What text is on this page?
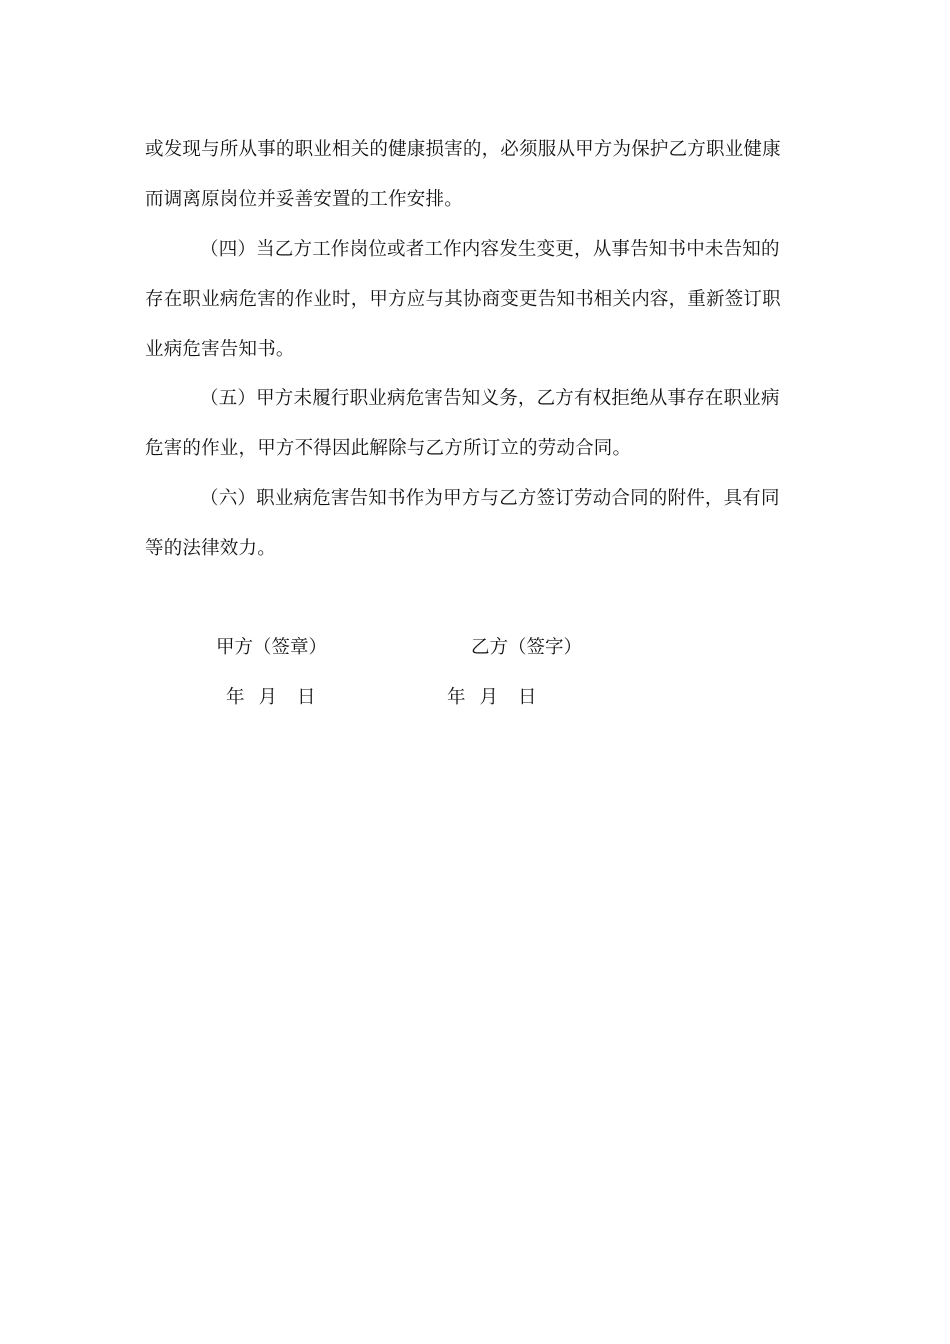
或发现与所从事的职业相关的健康损害的，必须服从甲方为保护乙方职业健康
而调离原岗位并妥善安置的工作安排。
（四）当乙方工作岗位或者工作内容发生变更，从事告知书中未告知的
存在职业病危害的作业时，甲方应与其协商变更告知书相关内容，重新签订职
业病危害告知书。
（五）甲方未履行职业病危害告知义务，乙方有权拒绝从事存在职业病
危害的作业，甲方不得因此解除与乙方所订立的劳动合同。
（六）职业病危害告知书作为甲方与乙方签订劳动合同的附件，具有同
等的法律效力。
甲方（签章）	乙方（签字）
年 月 日	年 月 日
